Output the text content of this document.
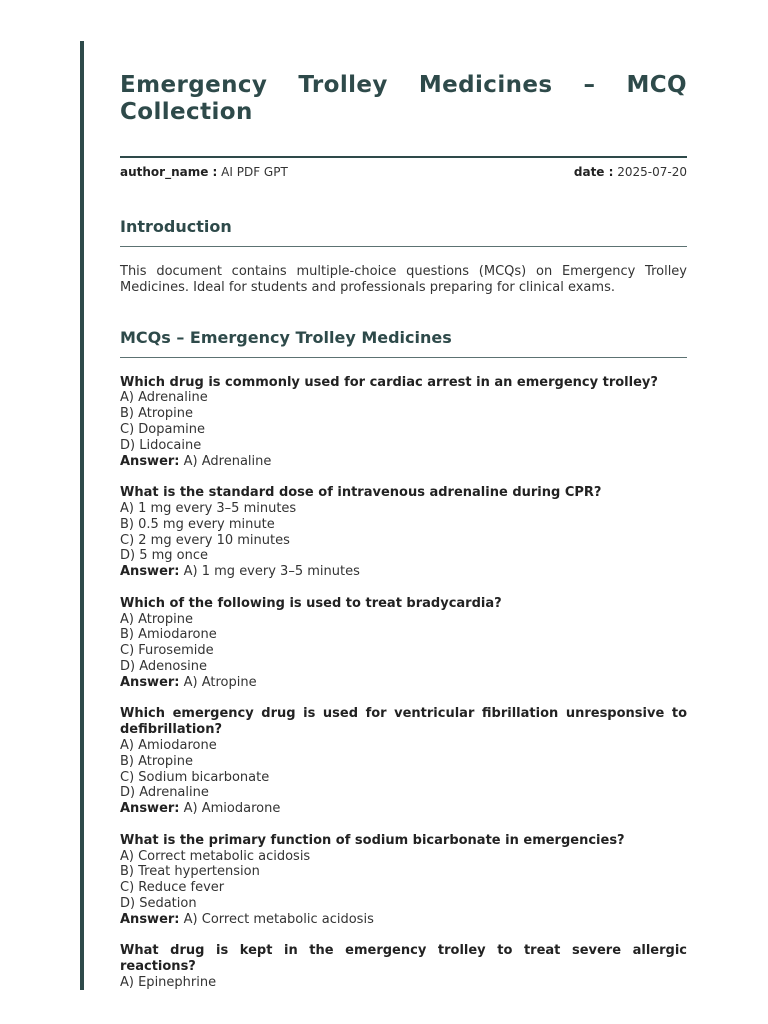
Emergency Trolley Medicines – MCQ Collection
author_name : AI PDF GPT	date : 2025-07-20
Introduction

This document contains multiple-choice questions (MCQs) on Emergency Trolley Medicines. Ideal for students and professionals preparing for clinical exams.

MCQs – Emergency Trolley Medicines
Which drug is commonly used for cardiac arrest in an emergency trolley?
A) Adrenaline
B) Atropine
C) Dopamine
D) Lidocaine
Answer: A) Adrenaline
What is the standard dose of intravenous adrenaline during CPR?
A) 1 mg every 3–5 minutes
B) 0.5 mg every minute
C) 2 mg every 10 minutes
D) 5 mg once
Answer: A) 1 mg every 3–5 minutes
Which of the following is used to treat bradycardia?
A) Atropine
B) Amiodarone
C) Furosemide
D) Adenosine
Answer: A) Atropine
Which emergency drug is used for ventricular fibrillation unresponsive to defibrillation?
A) Amiodarone
B) Atropine
C) Sodium bicarbonate
D) Adrenaline
Answer: A) Amiodarone
What is the primary function of sodium bicarbonate in emergencies?
A) Correct metabolic acidosis
B) Treat hypertension
C) Reduce fever
D) Sedation
Answer: A) Correct metabolic acidosis
What drug is kept in the emergency trolley to treat severe allergic reactions?
A) Epinephrine
